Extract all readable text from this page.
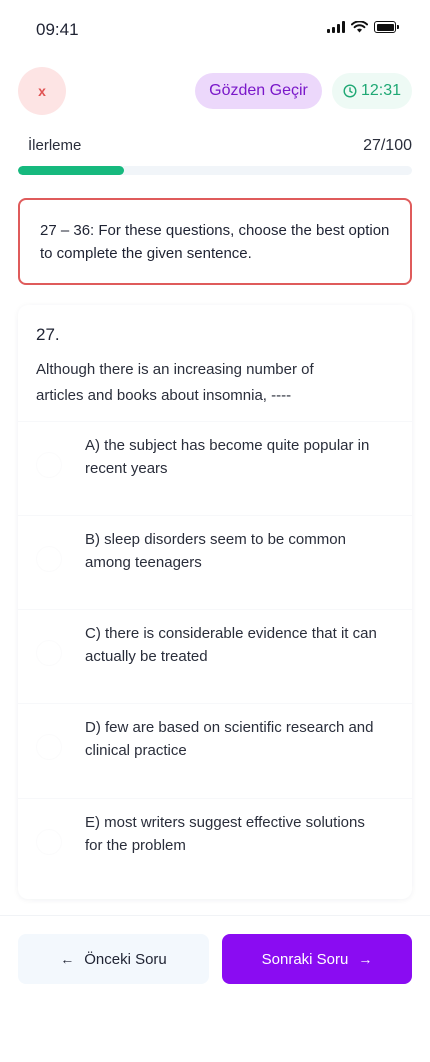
09:41
x	Gözden Geçir	12:31
İlerleme	27/100
27 – 36: For these questions, choose the best option to complete the given sentence.
27.

Although there is an increasing number of articles and books about insomnia, ----

A) the subject has become quite popular in recent years
B) sleep disorders seem to be common among teenagers
C) there is considerable evidence that it can actually be treated
D) few are based on scientific research and clinical practice
E) most writers suggest effective solutions for the problem
← Önceki Soru	Sonraki Soru →
